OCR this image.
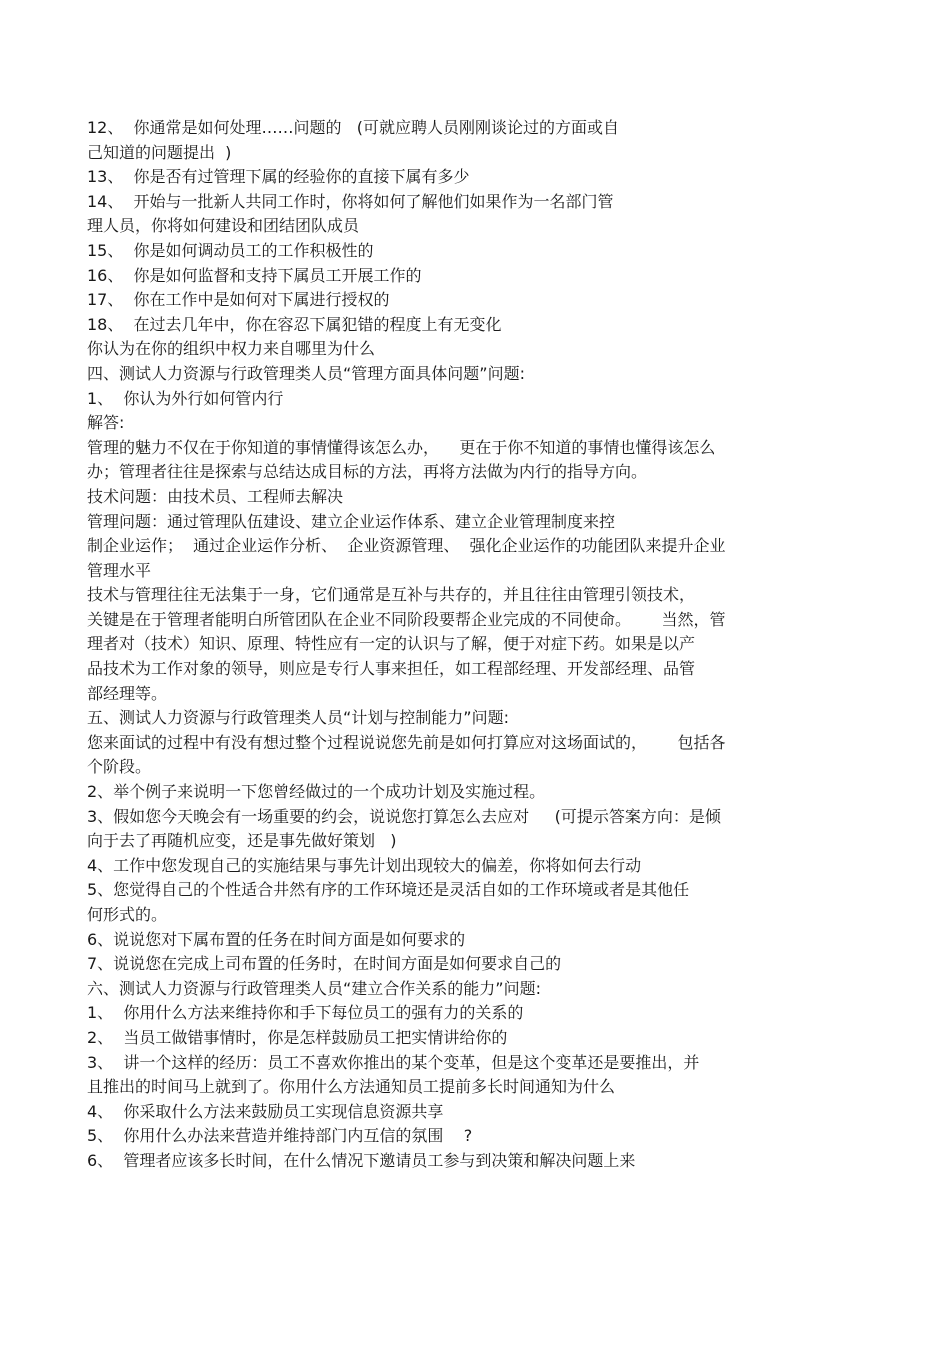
12、  你通常是如何处理……问题的   (可就应聘人员刚刚谈论过的方面或自
己知道的问题提出  )
13、  你是否有过管理下属的经验你的直接下属有多少
14、  开始与一批新人共同工作时，你将如何了解他们如果作为一名部门管
理人员，你将如何建设和团结团队成员
15、  你是如何调动员工的工作积极性的
16、  你是如何监督和支持下属员工开展工作的
17、  你在工作中是如何对下属进行授权的
18、  在过去几年中，你在容忍下属犯错的程度上有无变化
你认为在你的组织中权力来自哪里为什么
四、测试人力资源与行政管理类人员“管理方面具体问题”问题:
1、  你认为外行如何管内行
解答:
管理的魅力不仅在于你知道的事情懂得该怎么办，    更在于你不知道的事情也懂得该怎么
办；管理者往往是探索与总结达成目标的方法，再将方法做为内行的指导方向。
技术问题：由技术员、工程师去解决
管理问题：通过管理队伍建设、建立企业运作体系、建立企业管理制度来控
制企业运作；  通过企业运作分析、  企业资源管理、  强化企业运作的功能团队来提升企业
管理水平
技术与管理往往无法集于一身，它们通常是互补与共存的，并且往往由管理引领技术，
关键是在于管理者能明白所管团队在企业不同阶段要帮企业完成的不同使命。      当然，管
理者对（技术）知识、原理、特性应有一定的认识与了解，便于对症下药。如果是以产
品技术为工作对象的领导，则应是专行人事来担任，如工程部经理、开发部经理、品管
部经理等。
五、测试人力资源与行政管理类人员“计划与控制能力”问题:
您来面试的过程中有没有想过整个过程说说您先前是如何打算应对这场面试的，      包括各
个阶段。
2、举个例子来说明一下您曾经做过的一个成功计划及实施过程。
3、假如您今天晚会有一场重要的约会，说说您打算怎么去应对     (可提示答案方向：是倾
向于去了再随机应变，还是事先做好策划   )
4、工作中您发现自己的实施结果与事先计划出现较大的偏差，你将如何去行动
5、您觉得自己的个性适合井然有序的工作环境还是灵活自如的工作环境或者是其他任
何形式的。
6、说说您对下属布置的任务在时间方面是如何要求的
7、说说您在完成上司布置的任务时，在时间方面是如何要求自己的
六、测试人力资源与行政管理类人员“建立合作关系的能力”问题:
1、  你用什么方法来维持你和手下每位员工的强有力的关系的
2、  当员工做错事情时，你是怎样鼓励员工把实情讲给你的
3、  讲一个这样的经历：员工不喜欢你推出的某个变革，但是这个变革还是要推出，并
且推出的时间马上就到了。你用什么方法通知员工提前多长时间通知为什么
4、  你采取什么方法来鼓励员工实现信息资源共享
5、  你用什么办法来营造并维持部门内互信的氛围    ?
6、  管理者应该多长时间，在什么情况下邀请员工参与到决策和解决问题上来
